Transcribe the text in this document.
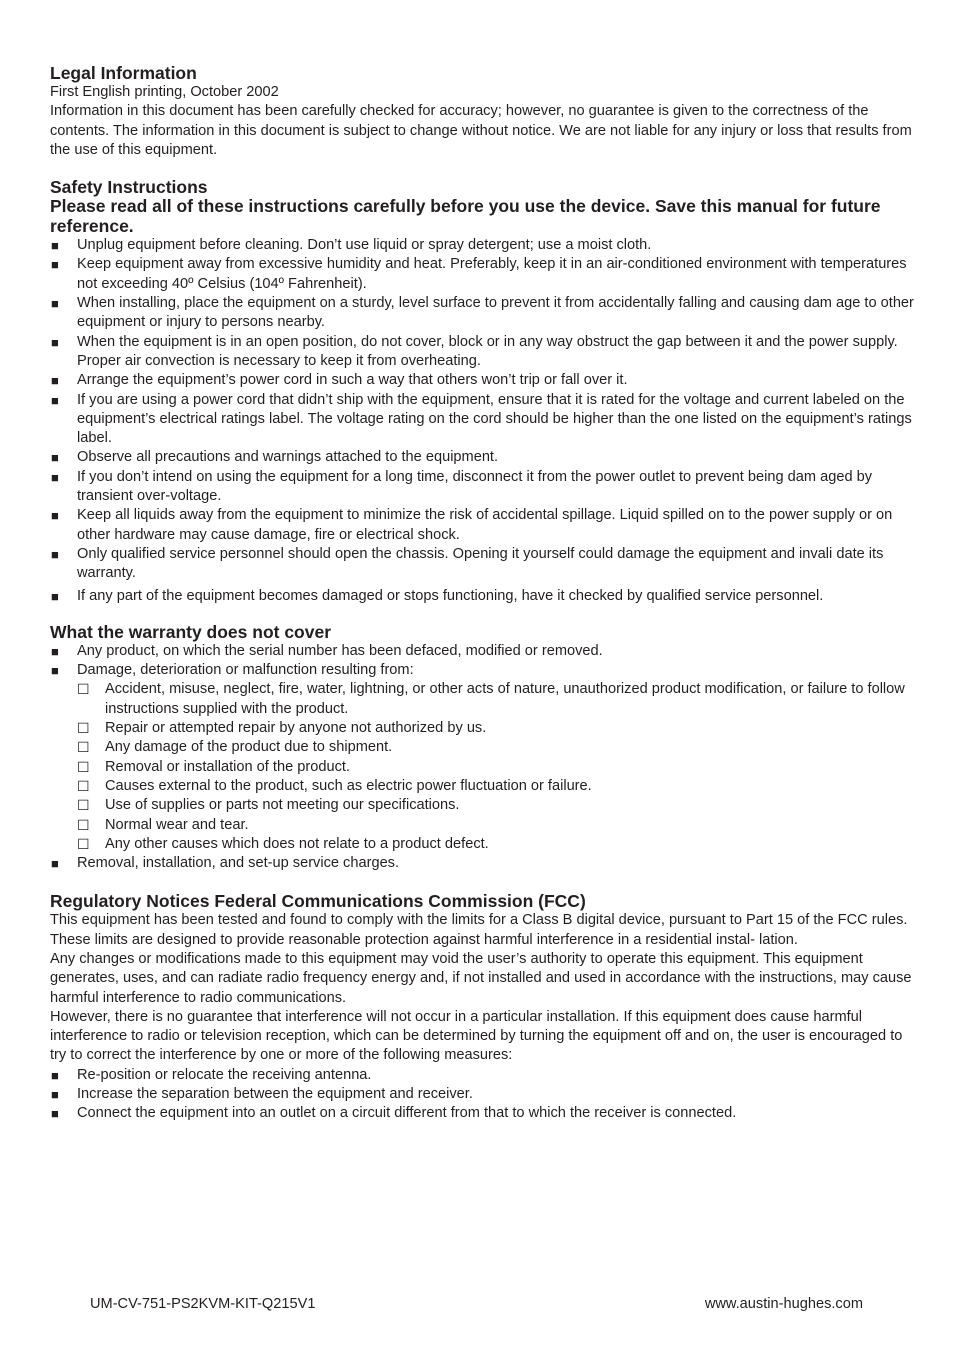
Legal Information

First English printing, October 2002

Information in this document has been carefully checked for accuracy; however, no guarantee is given to the correctness of the contents. The information in this document is subject to change without notice. We are not liable for any injury or loss that results from the use of this equipment.

Safety Instructions

Please read all of these instructions carefully before you use the device. Save this manual for future reference.

■ Unplug equipment before cleaning. Don’t use liquid or spray detergent; use a moist cloth.
■ Keep equipment away from excessive humidity and heat. Preferably, keep it in an air-conditioned environment with temperatures not exceeding 40º Celsius (104º Fahrenheit).
■ When installing, place the equipment on a sturdy, level surface to prevent it from accidentally falling and causing dam age to other equipment or injury to persons nearby.
■ When the equipment is in an open position, do not cover, block or in any way obstruct the gap between it and the power supply. Proper air convection is necessary to keep it from overheating.
■ Arrange the equipment’s power cord in such a way that others won’t trip or fall over it.
■ If you are using a power cord that didn’t ship with the equipment, ensure that it is rated for the voltage and current labeled on the equipment’s electrical ratings label. The voltage rating on the cord should be higher than the one listed on the equipment’s ratings label.
■ Observe all precautions and warnings attached to the equipment.
■ If you don’t intend on using the equipment for a long time, disconnect it from the power outlet to prevent being dam aged by transient over-voltage.
■ Keep all liquids away from the equipment to minimize the risk of accidental spillage. Liquid spilled on to the power supply or on other hardware may cause damage, fire or electrical shock.
■ Only qualified service personnel should open the chassis. Opening it yourself could damage the equipment and invali date its warranty.
■ If any part of the equipment becomes damaged or stops functioning, have it checked by qualified service personnel.
What the warranty does not cover
■ Any product, on which the serial number has been defaced, modified or removed.
■ Damage, deterioration or malfunction resulting from:
☐ Accident, misuse, neglect, fire, water, lightning, or other acts of nature, unauthorized product modification, or failure to follow instructions supplied with the product.
☐ Repair or attempted repair by anyone not authorized by us.
☐ Any damage of the product due to shipment.
☐ Removal or installation of the product.
☐ Causes external to the product, such as electric power fluctuation or failure.
☐ Use of supplies or parts not meeting our specifications.
☐ Normal wear and tear.
☐ Any other causes which does not relate to a product defect.
■ Removal, installation, and set-up service charges.
Regulatory Notices Federal Communications Commission (FCC)

This equipment has been tested and found to comply with the limits for a Class B digital device, pursuant to Part 15 of the FCC rules. These limits are designed to provide reasonable protection against harmful interference in a residential instal- lation.

Any changes or modifications made to this equipment may void the user’s authority to operate this equipment. This equipment generates, uses, and can radiate radio frequency energy and, if not installed and used in accordance with the instructions, may cause harmful interference to radio communications.

However, there is no guarantee that interference will not occur in a particular installation. If this equipment does cause harmful interference to radio or television reception, which can be determined by turning the equipment off and on, the user is encouraged to try to correct the interference by one or more of the following measures:

■ Re-position or relocate the receiving antenna.
■ Increase the separation between the equipment and receiver.
■ Connect the equipment into an outlet on a circuit different from that to which the receiver is connected.
UM-CV-751-PS2KVM-KIT-Q215V1	www.austin-hughes.com
